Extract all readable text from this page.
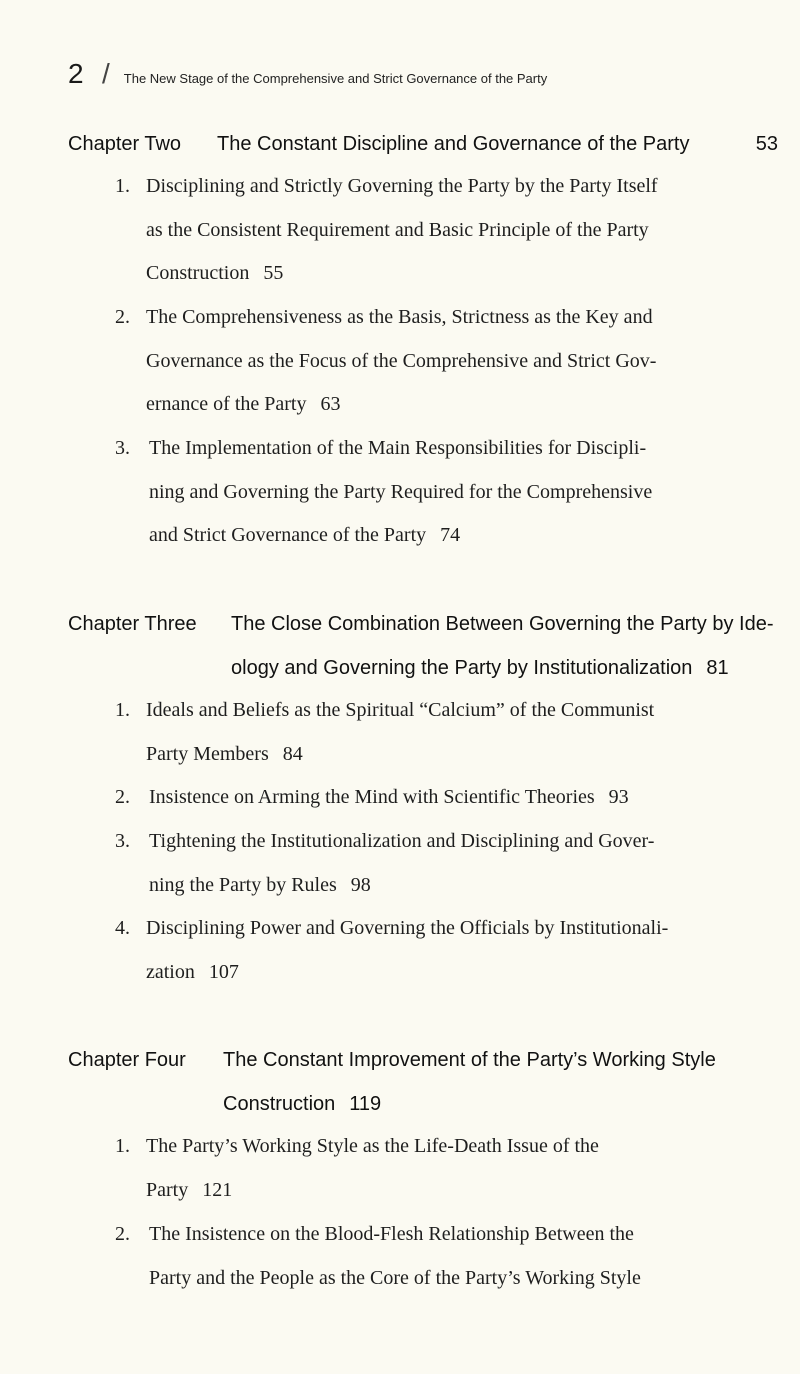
2 / The New Stage of the Comprehensive and Strict Governance of the Party
Chapter Two The Constant Discipline and Governance of the Party	53
1. Disciplining and Strictly Governing the Party by the Party Itself
as the Consistent Requirement and Basic Principle of the Party
Construction 55
2. The Comprehensiveness as the Basis, Strictness as the Key and
Governance as the Focus of the Comprehensive and Strict Gov-
ernance of the Party 63
3. The Implementation of the Main Responsibilities for Discipli-
ning and Governing the Party Required for the Comprehensive
and Strict Governance of the Party 74
Chapter Three The Close Combination Between Governing the Party by Ide-
ology and Governing the Party by Institutionalization 81
1. Ideals and Beliefs as the Spiritual “Calcium” of the Communist
Party Members 84
2. Insistence on Arming the Mind with Scientific Theories 93
3. Tightening the Institutionalization and Disciplining and Gover-
ning the Party by Rules 98
4. Disciplining Power and Governing the Officials by Institutionali-
zation 107
Chapter Four The Constant Improvement of the Party’s Working Style
Construction 119
1. The Party’s Working Style as the Life-Death Issue of the
Party 121
2. The Insistence on the Blood-Flesh Relationship Between the
Party and the People as the Core of the Party’s Working Style
